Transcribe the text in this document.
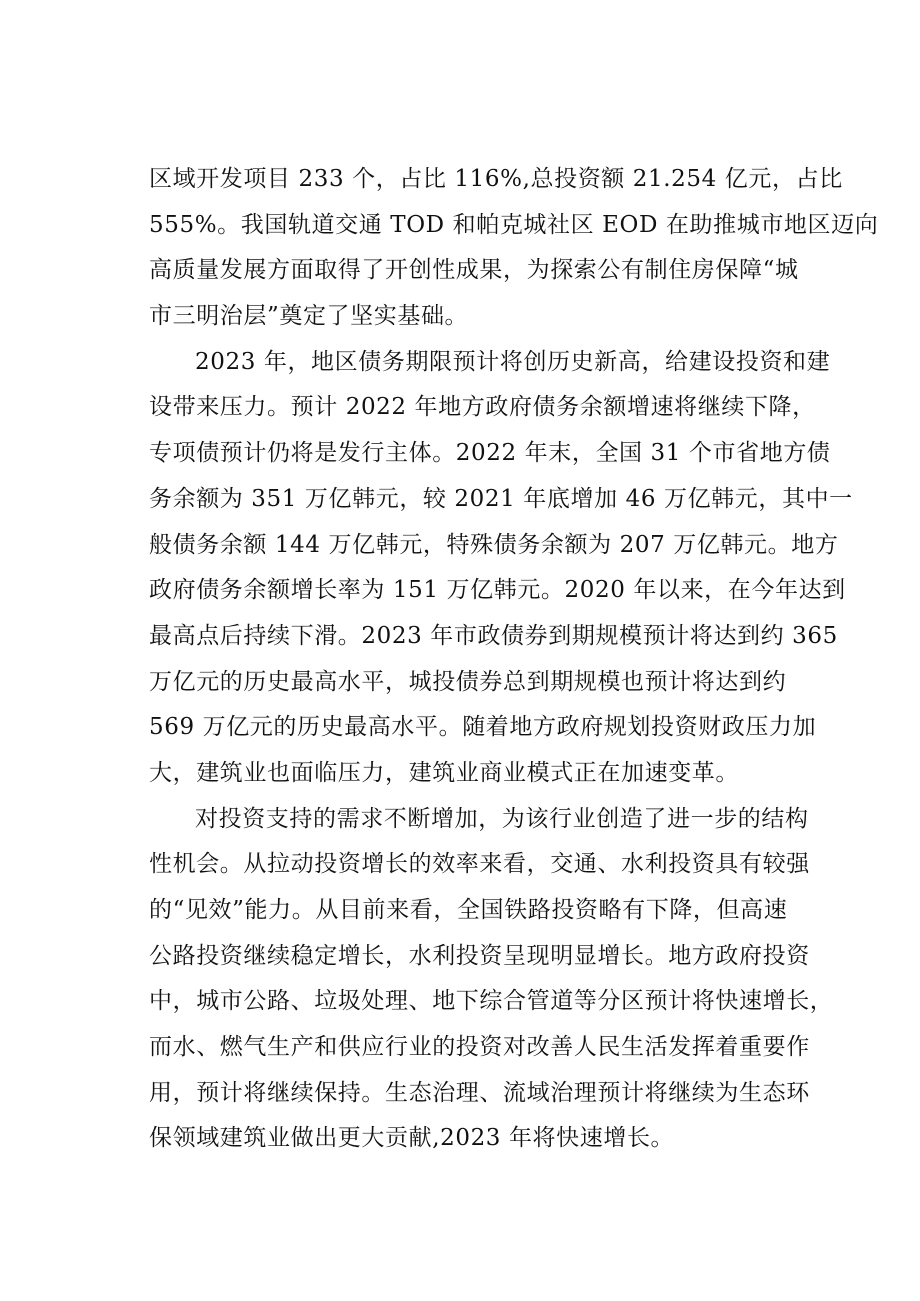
区域开发项目 233 个，占比 116%,总投资额 21.254 亿元，占比
555%。我国轨道交通 TOD 和帕克城社区 EOD 在助推城市地区迈向
高质量发展方面取得了开创性成果，为探索公有制住房保障“城
市三明治层”奠定了坚实基础。
2023 年，地区债务期限预计将创历史新高，给建设投资和建
设带来压力。预计 2022 年地方政府债务余额增速将继续下降，
专项债预计仍将是发行主体。2022 年末，全国 31 个市省地方债
务余额为 351 万亿韩元，较 2021 年底增加 46 万亿韩元，其中一
般债务余额 144 万亿韩元，特殊债务余额为 207 万亿韩元。地方
政府债务余额增长率为 151 万亿韩元。2020 年以来，在今年达到
最高点后持续下滑。2023 年市政债券到期规模预计将达到约 365
万亿元的历史最高水平，城投债券总到期规模也预计将达到约
569 万亿元的历史最高水平。随着地方政府规划投资财政压力加
大，建筑业也面临压力，建筑业商业模式正在加速变革。
对投资支持的需求不断增加，为该行业创造了进一步的结构
性机会。从拉动投资增长的效率来看，交通、水利投资具有较强
的“见效”能力。从目前来看，全国铁路投资略有下降，但高速
公路投资继续稳定增长，水利投资呈现明显增长。地方政府投资
中，城市公路、垃圾处理、地下综合管道等分区预计将快速增长，
而水、燃气生产和供应行业的投资对改善人民生活发挥着重要作
用，预计将继续保持。生态治理、流域治理预计将继续为生态环
保领域建筑业做出更大贡献,2023 年将快速增长。
